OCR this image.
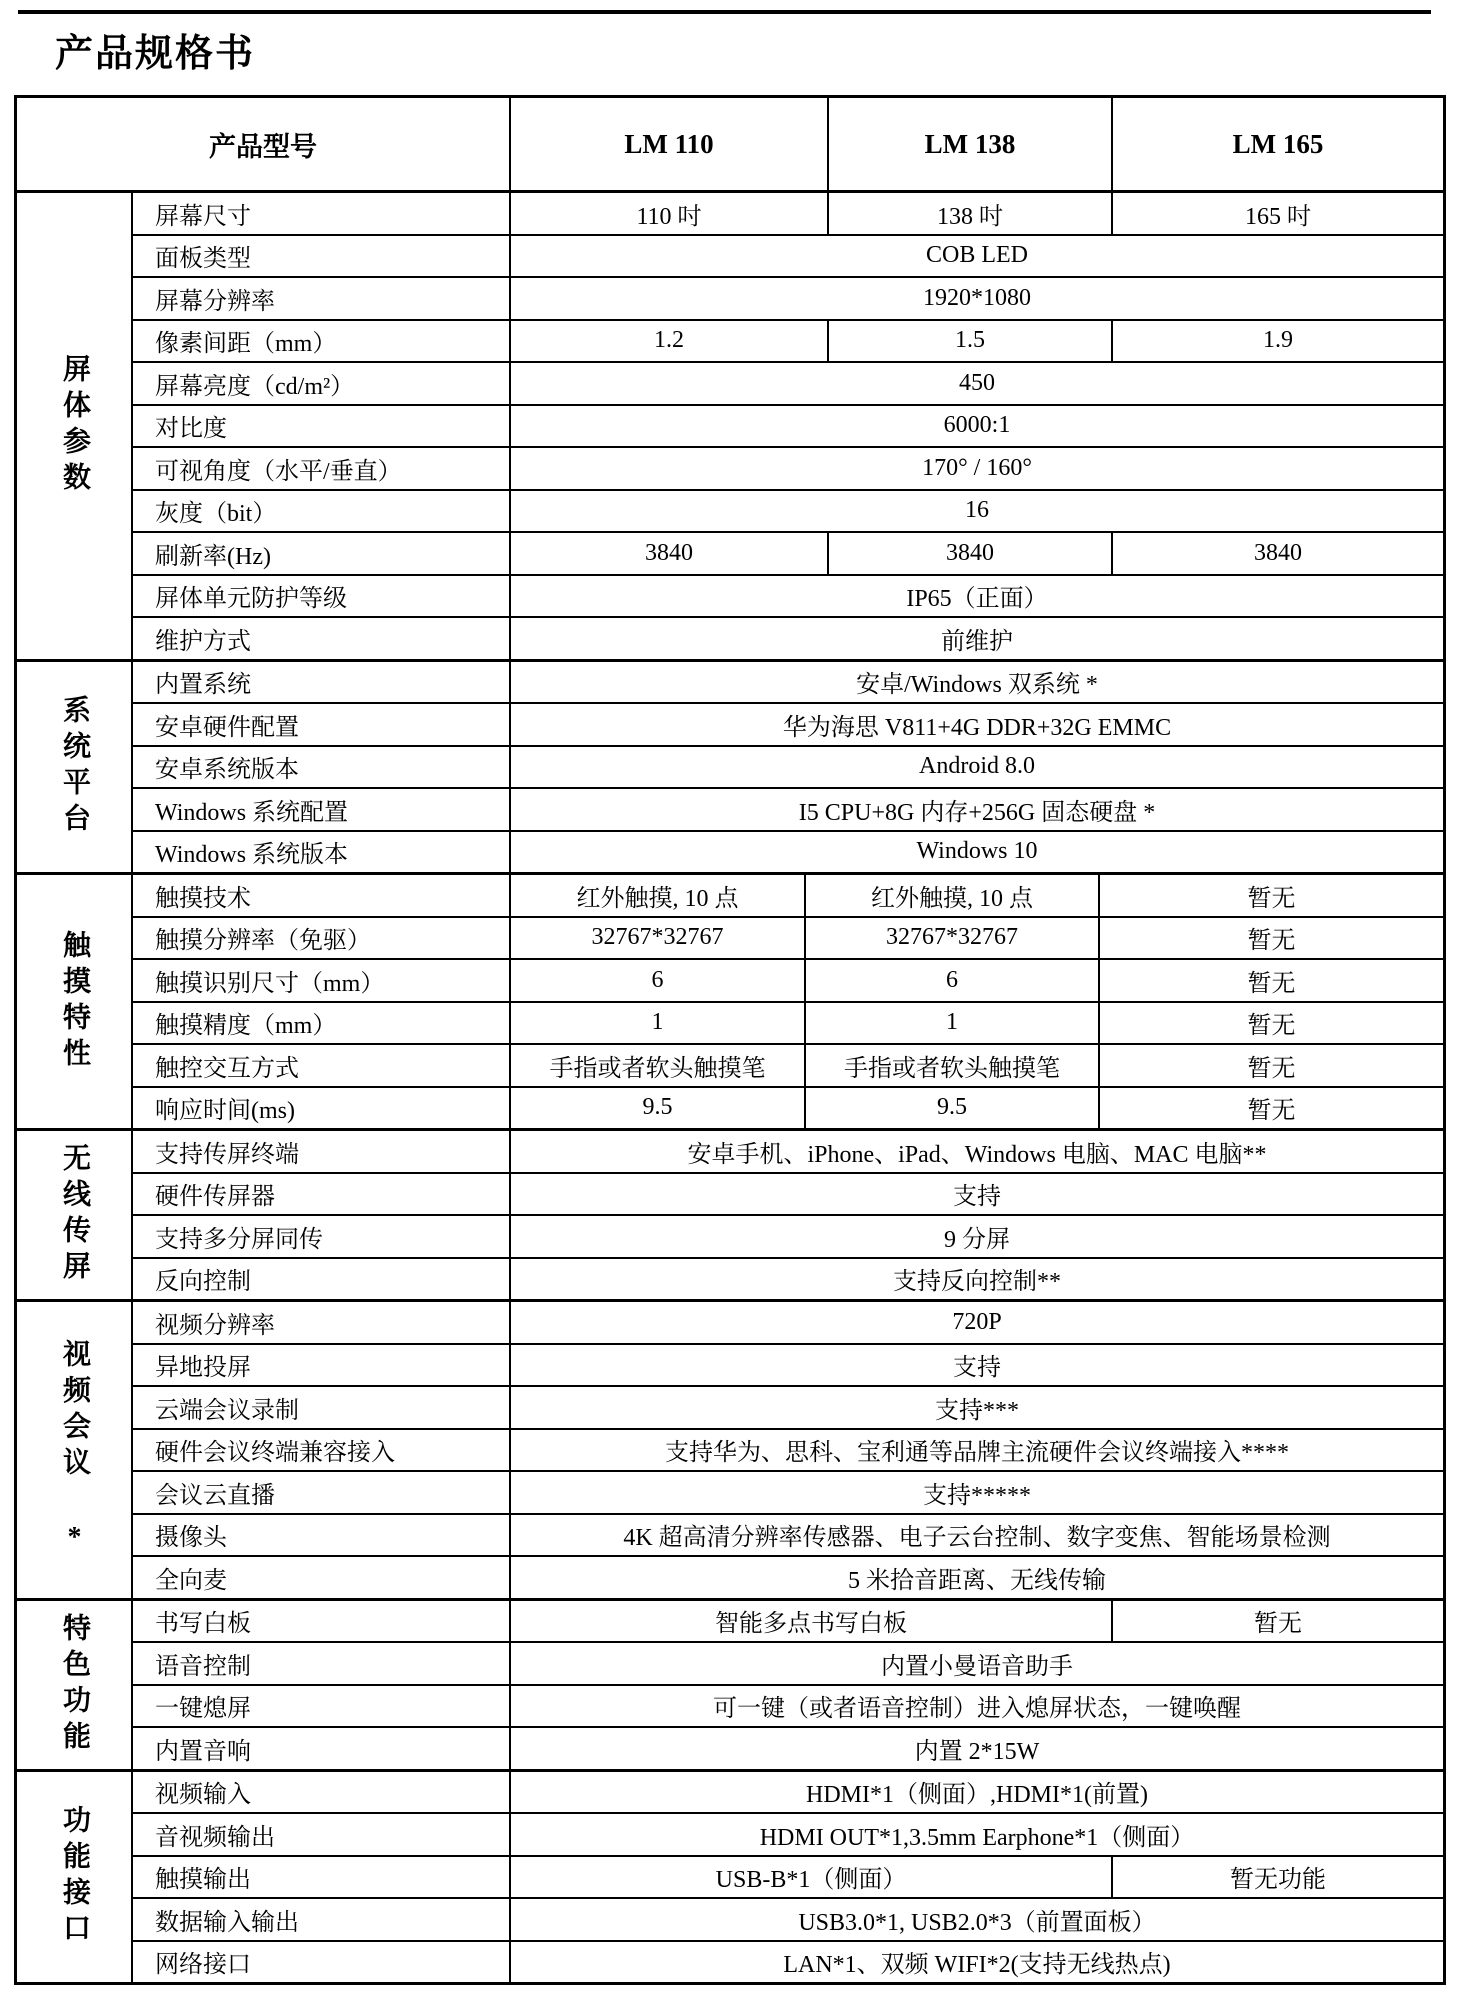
产品规格书
产品型号	LM 110	LM 138	LM 165
屏体参数
屏幕尺寸	110 吋	138 吋	165 吋
面板类型	COB LED
屏幕分辨率	1920*1080
像素间距（mm）	1.2	1.5	1.9
屏幕亮度（cd/m²）	450
对比度	6000:1
可视角度（水平/垂直）	170° / 160°
灰度（bit）	16
刷新率(Hz)	3840	3840	3840
屏体单元防护等级	IP65（正面）
维护方式	前维护
系统平台
内置系统	安卓/Windows 双系统 *
安卓硬件配置	华为海思 V811+4G DDR+32G EMMC
安卓系统版本	Android 8.0
Windows 系统配置	I5 CPU+8G 内存+256G 固态硬盘 *
Windows 系统版本	Windows 10
触摸特性
触摸技术	红外触摸, 10 点	红外触摸, 10 点	暂无
触摸分辨率（免驱）	32767*32767	32767*32767	暂无
触摸识别尺寸（mm）	6	6	暂无
触摸精度（mm）	1	1	暂无
触控交互方式	手指或者软头触摸笔	手指或者软头触摸笔	暂无
响应时间(ms)	9.5	9.5	暂无
无线传屏	支持传屏终端	安卓手机、iPhone、iPad、Windows 电脑、MAC 电脑**
硬件传屏器	支持
支持多分屏同传	9 分屏
反向控制	支持反向控制**
视频会议 *
视频分辨率	720P
异地投屏	支持
云端会议录制	支持***
硬件会议终端兼容接入	支持华为、思科、宝利通等品牌主流硬件会议终端接入****
会议云直播	支持*****
摄像头	4K 超高清分辨率传感器、电子云台控制、数字变焦、智能场景检测
全向麦	5 米拾音距离、无线传输
特色功能	书写白板	智能多点书写白板	暂无
语音控制	内置小曼语音助手
一键熄屏	可一键（或者语音控制）进入熄屏状态，一键唤醒
内置音响	内置 2*15W
功能接口
视频输入	HDMI*1（侧面）,HDMI*1(前置)
音视频输出	HDMI OUT*1,3.5mm Earphone*1（侧面）
触摸输出	USB-B*1（侧面）	暂无功能
数据输入输出	USB3.0*1, USB2.0*3（前置面板）
网络接口	LAN*1、双频 WIFI*2(支持无线热点)
